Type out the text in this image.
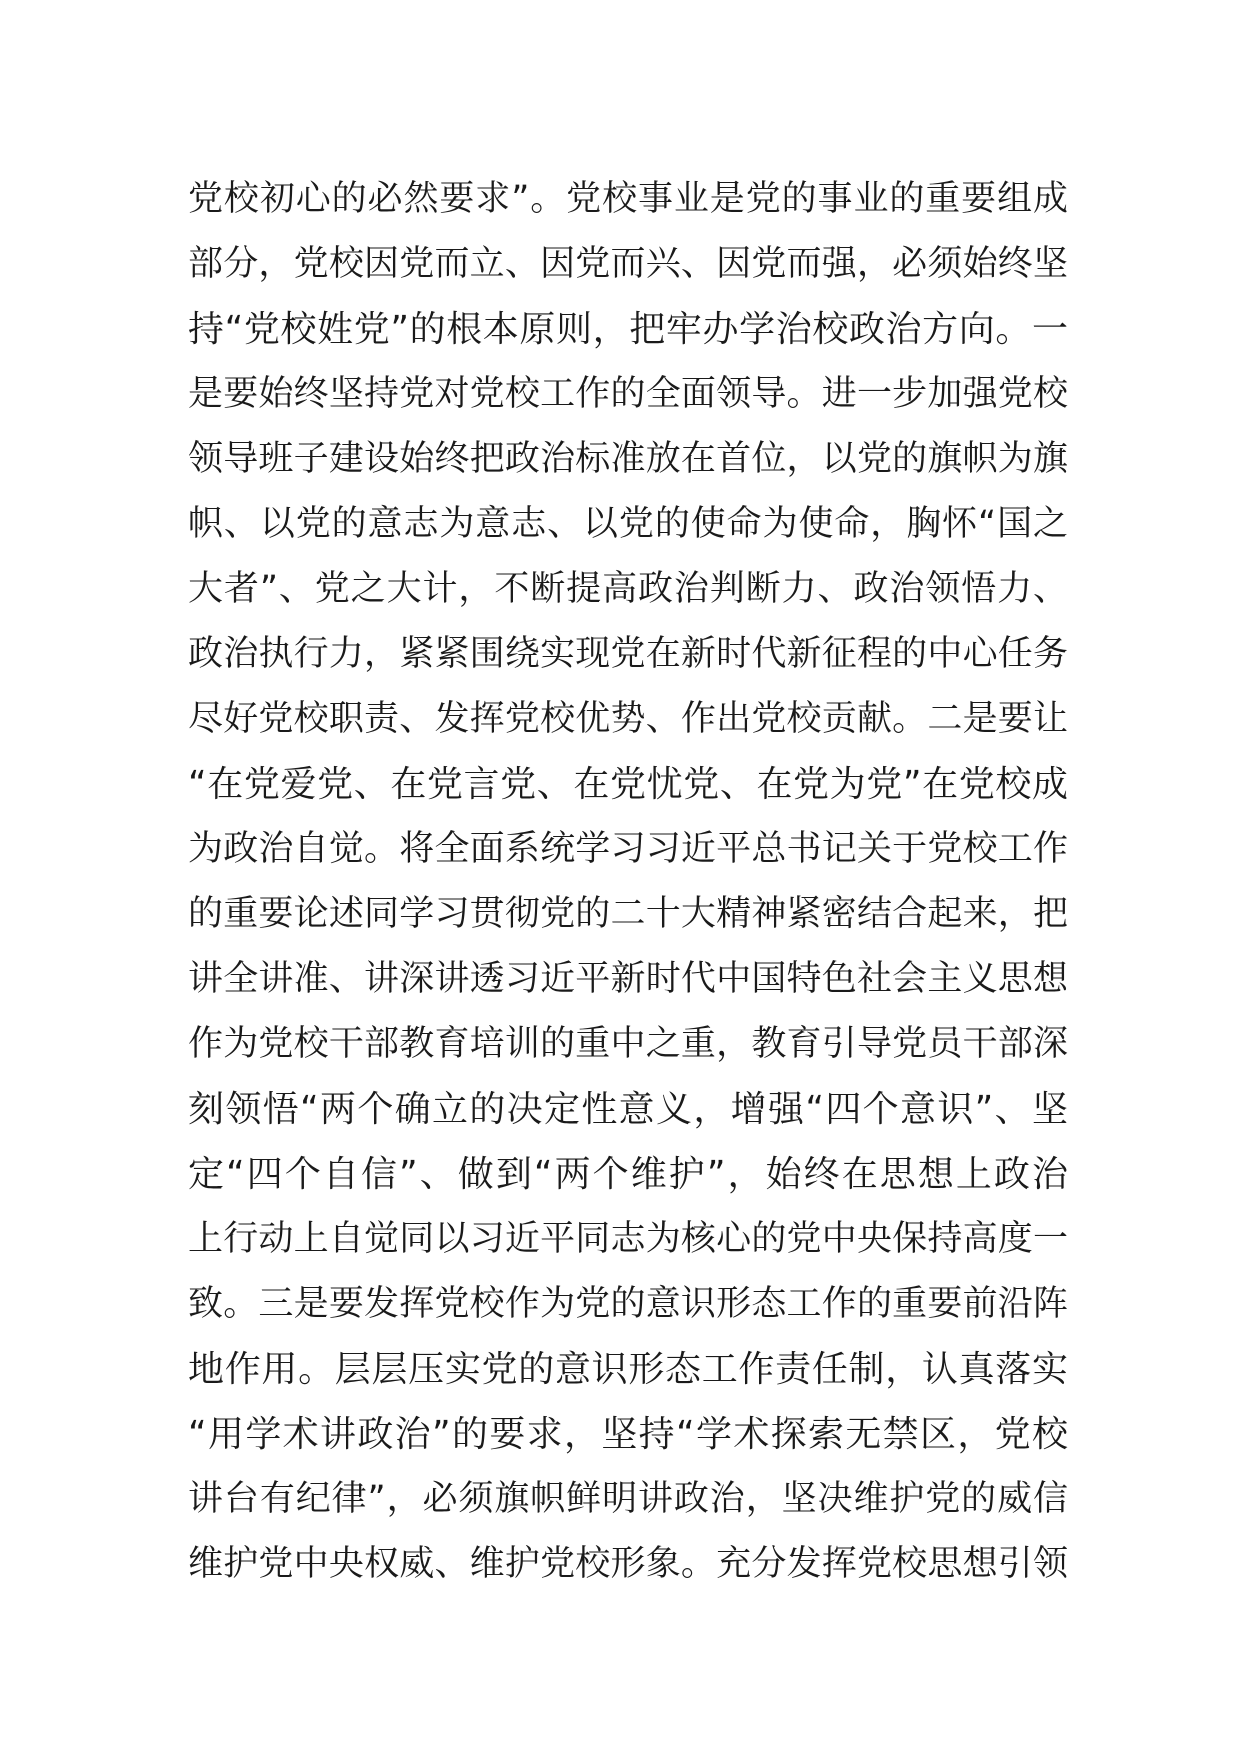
党校初心的必然要求”。党校事业是党的事业的重要组成
部分，党校因党而立、因党而兴、因党而强，必须始终坚
持“党校姓党”的根本原则，把牢办学治校政治方向。一
是要始终坚持党对党校工作的全面领导。进一步加强党校
领导班子建设始终把政治标准放在首位，以党的旗帜为旗
帜、以党的意志为意志、以党的使命为使命，胸怀“国之
大者”、党之大计，不断提高政治判断力、政治领悟力、
政治执行力，紧紧围绕实现党在新时代新征程的中心任务
尽好党校职责、发挥党校优势、作出党校贡献。二是要让
“在党爱党、在党言党、在党忧党、在党为党”在党校成
为政治自觉。将全面系统学习习近平总书记关于党校工作
的重要论述同学习贯彻党的二十大精神紧密结合起来，把
讲全讲准、讲深讲透习近平新时代中国特色社会主义思想
作为党校干部教育培训的重中之重，教育引导党员干部深
刻领悟“两个确立的决定性意义，增强“四个意识”、坚
定“四个自信”、做到“两个维护”，始终在思想上政治
上行动上自觉同以习近平同志为核心的党中央保持高度一
致。三是要发挥党校作为党的意识形态工作的重要前沿阵
地作用。层层压实党的意识形态工作责任制，认真落实
“用学术讲政治”的要求，坚持“学术探索无禁区，党校
讲台有纪律”，必须旗帜鲜明讲政治，坚决维护党的威信
维护党中央权威、维护党校形象。充分发挥党校思想引领
